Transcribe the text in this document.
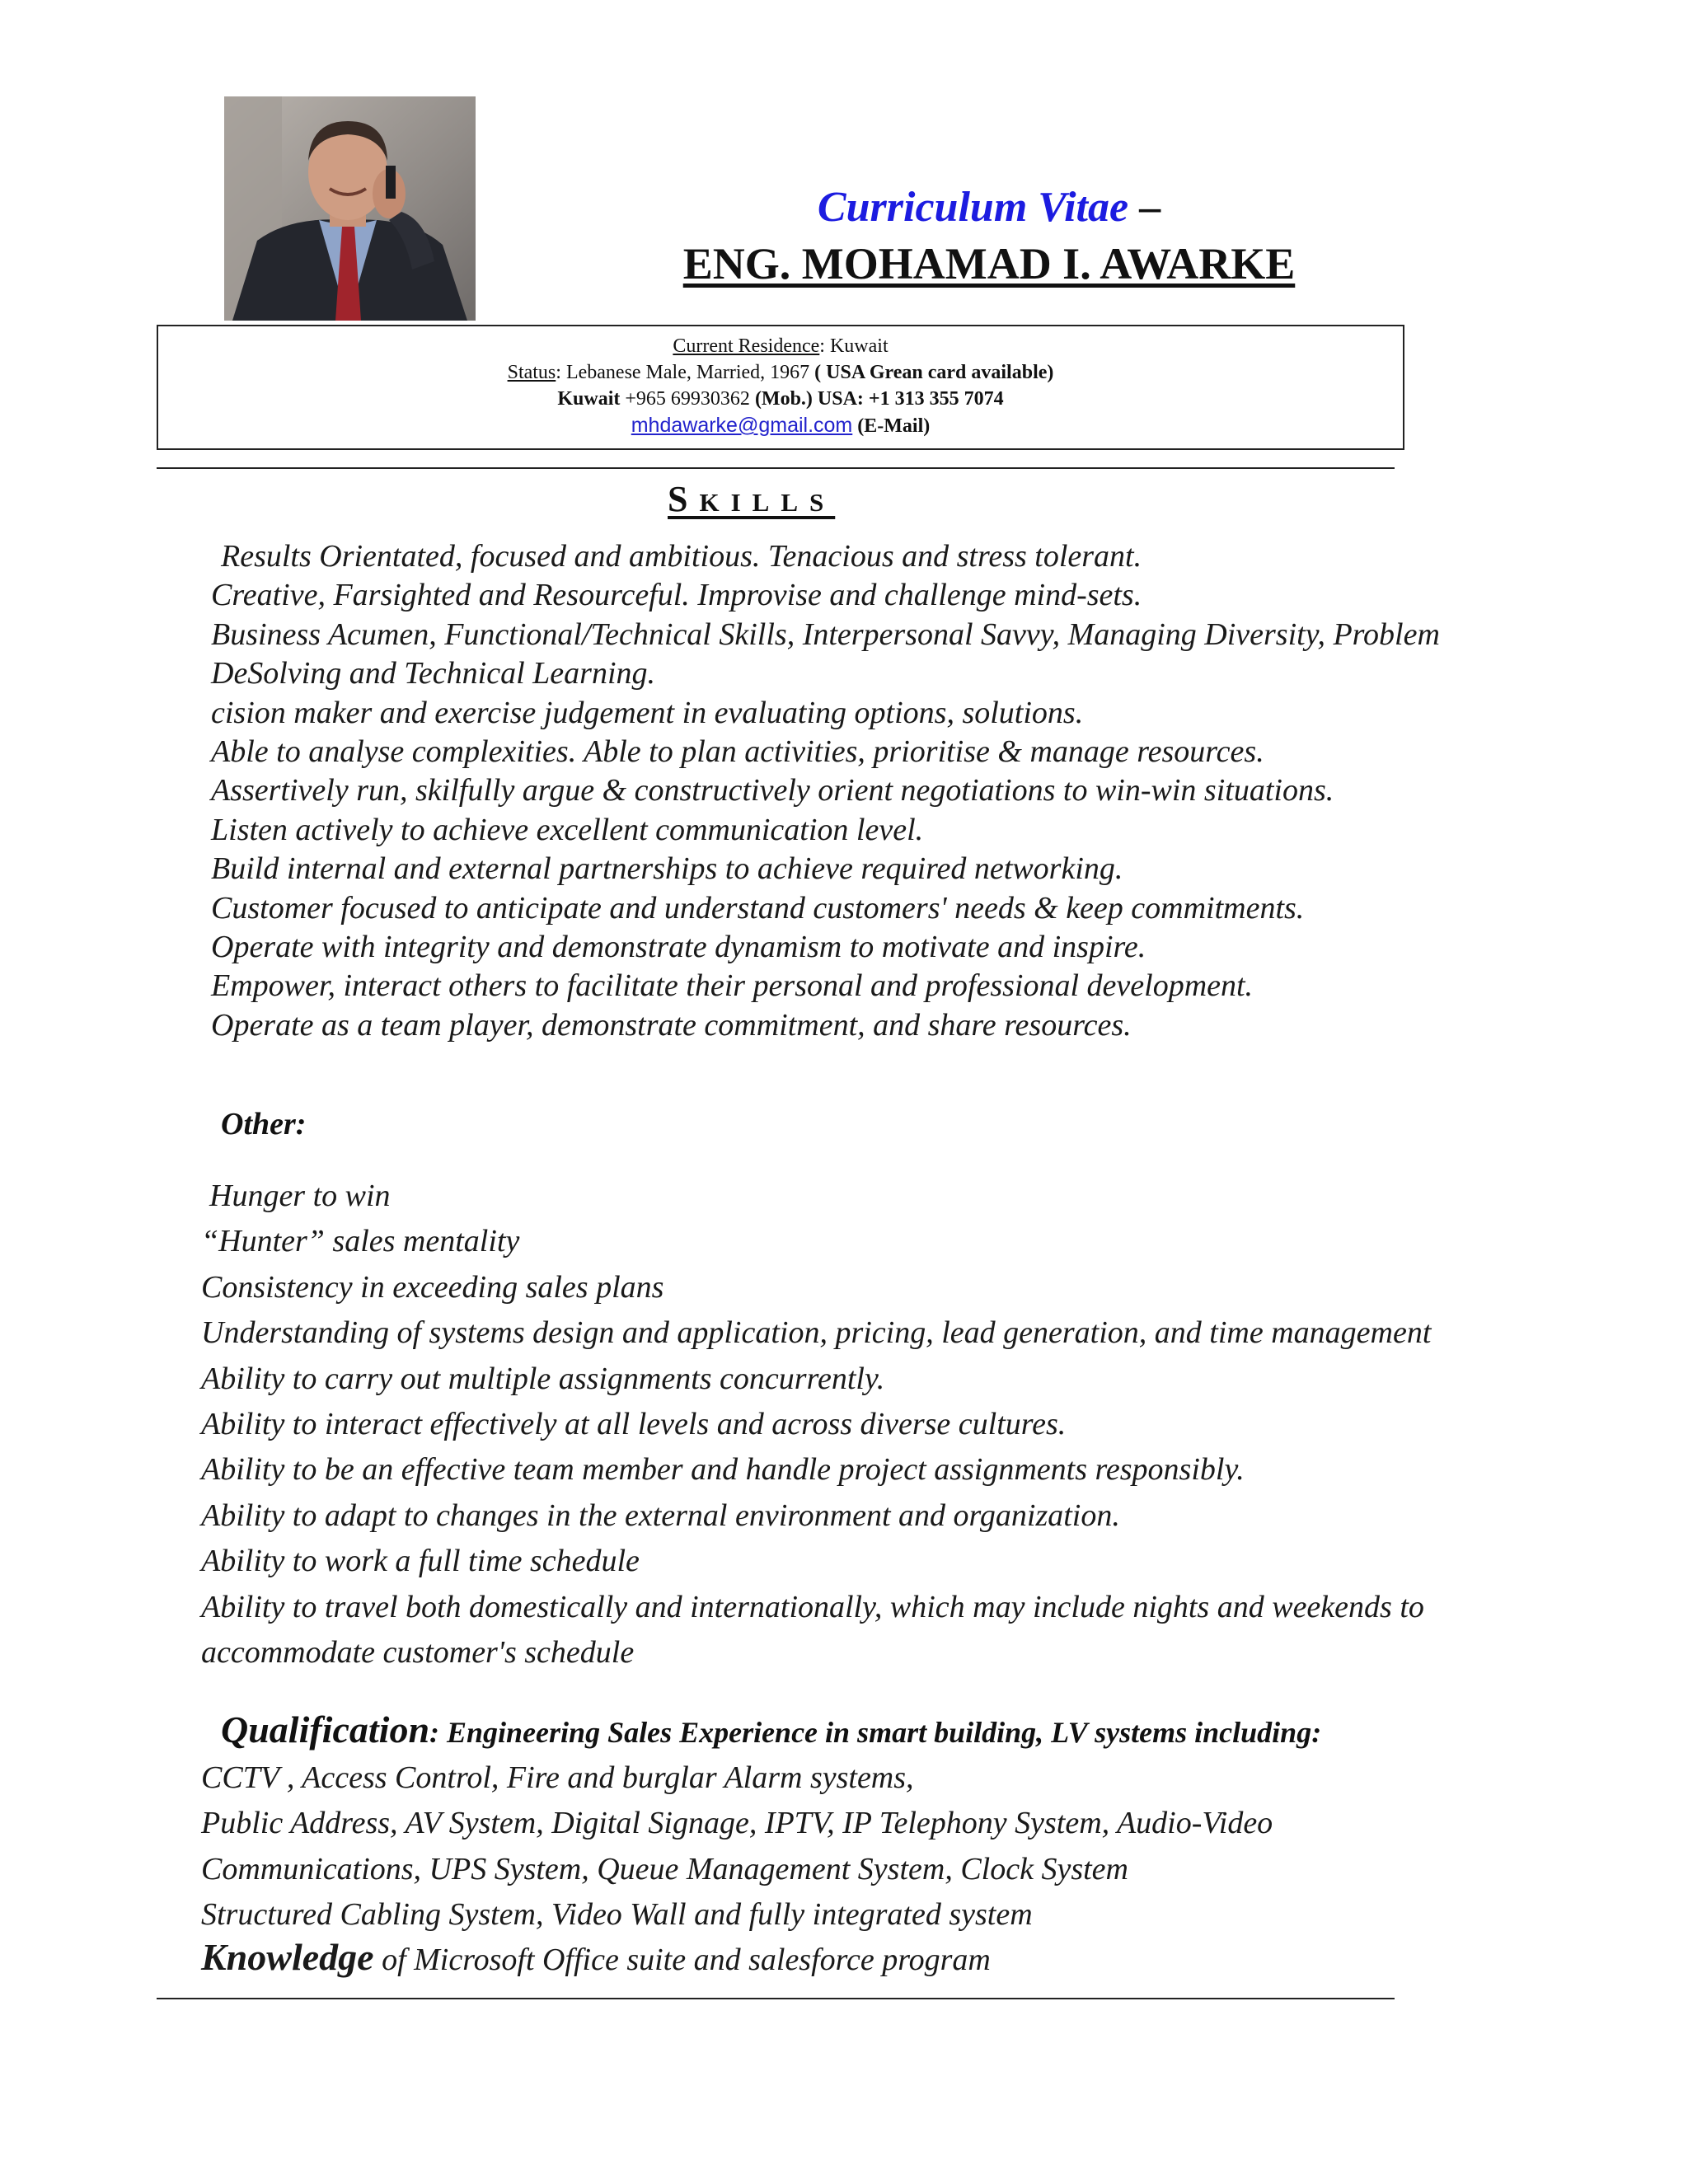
Curriculum Vitae –
ENG. MOHAMAD I. AWARKE
Current Residence: Kuwait
Status: Lebanese Male, Married, 1967 ( USA Grean card available)
Kuwait +965 69930362 (Mob.) USA: +1 313 355 7074
mhdawarke@gmail.com (E-Mail)
Skills
Results Orientated, focused and ambitious. Tenacious and stress tolerant.
Creative, Farsighted and Resourceful. Improvise and challenge mind-sets.
Business Acumen, Functional/Technical Skills, Interpersonal Savvy, Managing Diversity, Problem DeSolving and Technical Learning.
cision maker and exercise judgement in evaluating options, solutions.
Able to analyse complexities. Able to plan activities, prioritise & manage resources.
Assertively run, skilfully argue & constructively orient negotiations to win-win situations.
Listen actively to achieve excellent communication level.
Build internal and external partnerships to achieve required networking.
Customer focused to anticipate and understand customers' needs & keep commitments.
Operate with integrity and demonstrate dynamism to motivate and inspire.
Empower, interact others to facilitate their personal and professional development.
Operate as a team player, demonstrate commitment, and share resources.
Other:
Hunger to win
“Hunter” sales mentality
Consistency in exceeding sales plans
Understanding of systems design and application, pricing, lead generation, and time management
Ability to carry out multiple assignments concurrently.
Ability to interact effectively at all levels and across diverse cultures.
Ability to be an effective team member and handle project assignments responsibly.
Ability to adapt to changes in the external environment and organization.
Ability to work a full time schedule
Ability to travel both domestically and internationally, which may include nights and weekends to accommodate customer's schedule
Qualification: Engineering Sales Experience in smart building, LV systems including:
CCTV , Access Control, Fire and burglar Alarm systems,
Public Address, AV System, Digital Signage, IPTV, IP Telephony System, Audio-Video
Communications, UPS System, Queue Management System, Clock System
Structured Cabling System, Video Wall and fully integrated system
Knowledge of Microsoft Office suite and salesforce program
